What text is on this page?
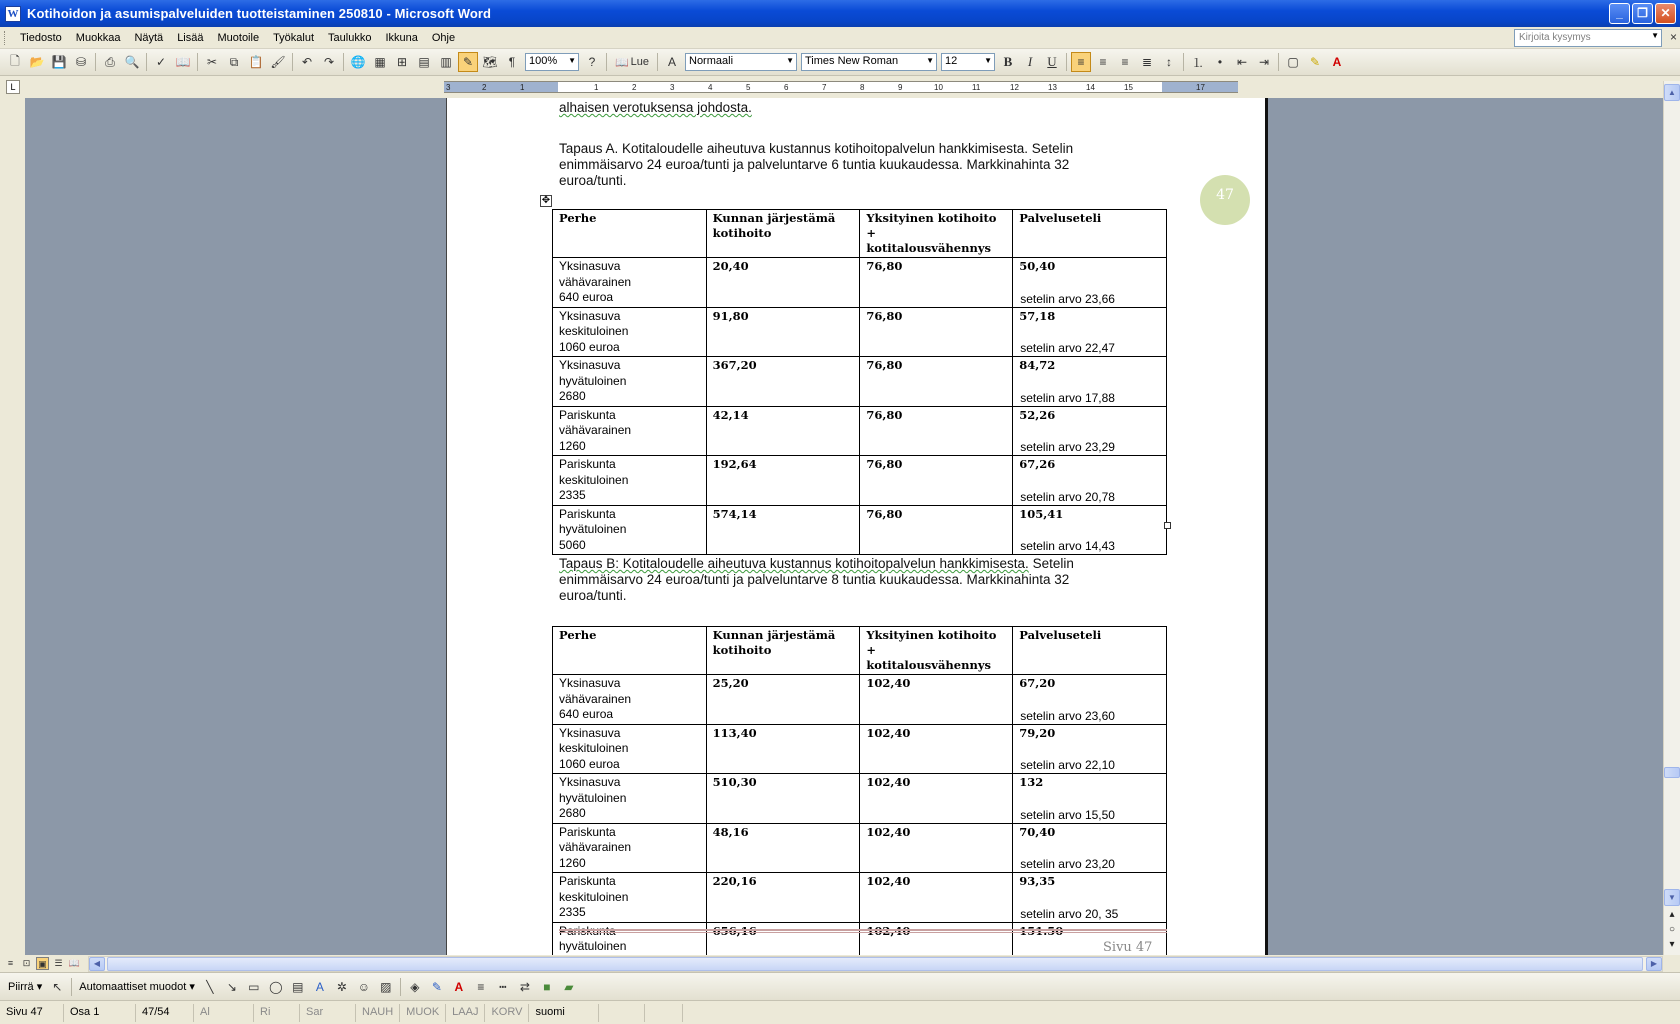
W Kotihoidon ja asumispalveluiden tuotteistaminen 250810 - Microsoft Word	_	❐	✕
Tiedosto	Muokkaa	Näytä	Lisää	Muotoile	Työkalut	Taulukko	Ikkuna	Ohje	Kirjoita kysymys	▼ ×
🗋 📂 💾 ⛁	⎙ 🔍	✓ 📖	✂	⧉ 📋 🖌	↶ ↷	🌐 ▦ ⊞ ▤ ▥ ✎ 🗺 ¶	100% ▼	?	📖 Lue	A	Normaali	▼	Times New Roman	▼	12	▼ B	I	U	≡	≡	≡	≣	↕	⒈	•	⇤ ⇥	▢ ✎	A
L	3	2	1	1	2	3	4	5	6	7	8	9	10	11	12	13	14	15	17
alhaisen verotuksensa johdosta.
Tapaus A. Kotitaloudelle aiheutuva kustannus kotihoitopalvelun hankkimisesta. Setelin enimmäisarvo 24 euroa/tunti ja palveluntarve 6 tuntia kuukaudessa. Markkinahinta 32 euroa/tunti.
47
✥
Perhe	Kunnan järjestämä
kotihoito	Yksityinen kotihoito +
kotitalousvähennys	Palveluseteli
Yksinasuva
vähävarainen
640 euroa	20,40	76,80	50,40
setelin arvo 23,66

Yksinasuva
keskituloinen
1060 euroa	91,80	76,80	57,18
setelin arvo 22,47

Yksinasuva
hyvätuloinen
2680	367,20	76,80	84,72
setelin arvo 17,88

Pariskunta
vähävarainen
1260	42,14	76,80	52,26
setelin arvo 23,29

Pariskunta
keskituloinen
2335	192,64	76,80	67,26
setelin arvo 20,78

Pariskunta
hyvätuloinen
5060	574,14	76,80	105,41
setelin arvo 14,43
Tapaus B: Kotitaloudelle aiheutuva kustannus kotihoitopalvelun hankkimisesta. Setelin enimmäisarvo 24 euroa/tunti ja palveluntarve 8 tuntia kuukaudessa. Markkinahinta 32 euroa/tunti.
Perhe	Kunnan järjestämä
kotihoito	Yksityinen kotihoito +
kotitalousvähennys	Palveluseteli
Yksinasuva
vähävarainen
640 euroa	25,20	102,40	67,20
setelin arvo 23,60

Yksinasuva
keskituloinen
1060 euroa	113,40	102,40	79,20
setelin arvo 22,10

Yksinasuva
hyvätuloinen
2680	510,30	102,40	132
setelin arvo 15,50

Pariskunta
vähävarainen
1260	48,16	102,40	70,40
setelin arvo 23,20

Pariskunta
keskituloinen
2335	220,16	102,40	93,35
setelin arvo 20, 35

Pariskunta
hyvätuloinen	656,16	102,40	151.50
Sivu 47
▲
▼
▴
○
▾
≡	⊡ ▣ ☰ 📖	◀	▶
Piirrä ▾ ↖	Automaattiset muodot ▾ ╲	↘ ▭ ◯ ▤	A	✲ ☺ ▨	◈	✎	A	≡	┅	⇄	■	▰
Sivu 47	Osa 1	47/54	Al	Ri	Sar	NAUH	MUOK	LAAJ	KORV	suomi
